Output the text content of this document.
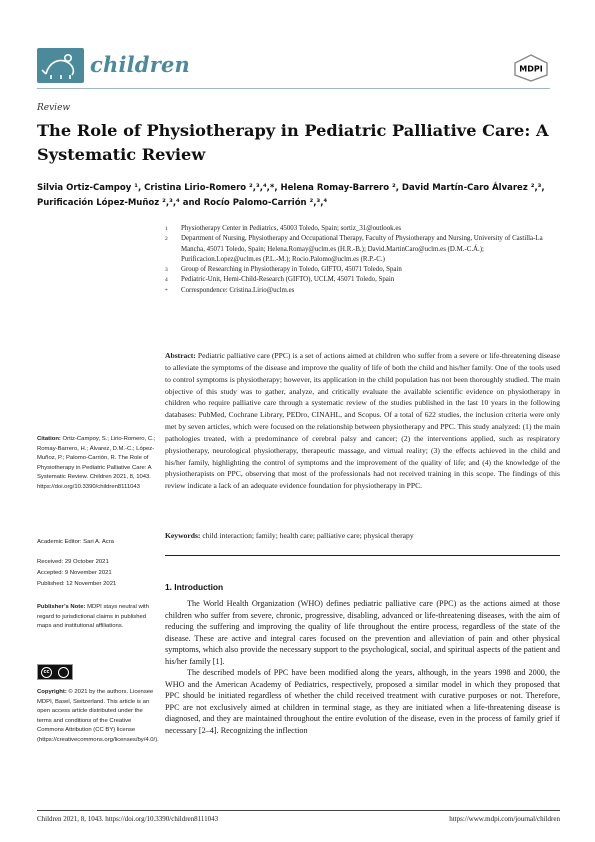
children	MDPI
Review
The Role of Physiotherapy in Pediatric Palliative Care: A Systematic Review
Silvia Ortiz-Campoy ¹, Cristina Lirio-Romero ²,³,⁴,*, Helena Romay-Barrero ², David Martín-Caro Álvarez ²,³, Purificación López-Muñoz ²,³,⁴ and Rocío Palomo-Carrión ²,³,⁴
1 Physiotherapy Center in Pediatrics, 45003 Toledo, Spain; sortiz_31@outlook.es
2 Department of Nursing, Physiotherapy and Occupational Therapy, Faculty of Physiotherapy and Nursing, University of Castilla-La Mancha, 45071 Toledo, Spain; Helena.Romay@uclm.es (H.R.-B.); David.MartinCaro@uclm.es (D.M.-C.Á.); Purificacion.Lopez@uclm.es (P.L.-M.); Rocio.Palomo@uclm.es (R.P.-C.)
3 Group of Researching in Physiotherapy in Toledo, GIFTO, 45071 Toledo, Spain
4 Pediatric-Unit, Hemi-Child-Research (GIFTO), UCLM, 45071 Toledo, Spain
* Correspondence: Cristina.Lirio@uclm.es
Abstract: Pediatric palliative care (PPC) is a set of actions aimed at children who suffer from a severe or life-threatening disease to alleviate the symptoms of the disease and improve the quality of life of both the child and his/her family. One of the tools used to control symptoms is physiotherapy; however, its application in the child population has not been thoroughly studied. The main objective of this study was to gather, analyze, and critically evaluate the available scientific evidence on physiotherapy in children who require palliative care through a systematic review of the studies published in the last 10 years in the following databases: PubMed, Cochrane Library, PEDro, CINAHL, and Scopus. Of a total of 622 studies, the inclusion criteria were only met by seven articles, which were focused on the relationship between physiotherapy and PPC. This study analyzed: (1) the main pathologies treated, with a predominance of cerebral palsy and cancer; (2) the interventions applied, such as respiratory physiotherapy, neurological physiotherapy, therapeutic massage, and virtual reality; (3) the effects achieved in the child and his/her family, highlighting the control of symptoms and the improvement of the quality of life; and (4) the knowledge of the physiotherapists on PPC, observing that most of the professionals had not received training in this scope. The findings of this review indicate a lack of an adequate evidence foundation for physiotherapy in PPC.
Keywords: child interaction; family; health care; palliative care; physical therapy
Citation: Ortiz-Campoy, S.; Lirio-Romero, C.; Romay-Barrero, H.; Álvarez, D.M.-C.; López-Muñoz, P.; Palomo-Carrión, R. The Role of Physiotherapy in Pediatric Palliative Care: A Systematic Review. Children 2021, 8, 1043. https://doi.org/10.3390/children8111043
Academic Editor: Sari A. Acra
Received: 29 October 2021
Accepted: 9 November 2021
Published: 12 November 2021
Publisher’s Note: MDPI stays neutral with regard to jurisdictional claims in published maps and institutional affiliations.
cc
Copyright: © 2021 by the authors. Licensee MDPI, Basel, Switzerland. This article is an open access article distributed under the terms and conditions of the Creative Commons Attribution (CC BY) license (https://creativecommons.org/licenses/by/4.0/).
1. Introduction

The World Health Organization (WHO) defines pediatric palliative care (PPC) as the actions aimed at those children who suffer from severe, chronic, progressive, disabling, advanced or life-threatening diseases, with the aim of reducing the suffering and improving the quality of life throughout the entire process, regardless of the state of the disease. These are active and integral cares focused on the prevention and alleviation of pain and other physical symptoms, which also provide the necessary support to the psychological, social, and spiritual aspects of the patient and his/her family [1].

The described models of PPC have been modified along the years, although, in the years 1998 and 2000, the WHO and the American Academy of Pediatrics, respectively, proposed a similar model in which they proposed that PPC should be initiated regardless of whether the child received treatment with curative purposes or not. Therefore, PPC are not exclusively aimed at children in terminal stage, as they are initiated when a life-threatening disease is diagnosed, and they are maintained throughout the entire evolution of the disease, even in the process of family grief if necessary [2–4]. Recognizing the inflection

Children 2021, 8, 1043. https://doi.org/10.3390/children8111043	https://www.mdpi.com/journal/children
